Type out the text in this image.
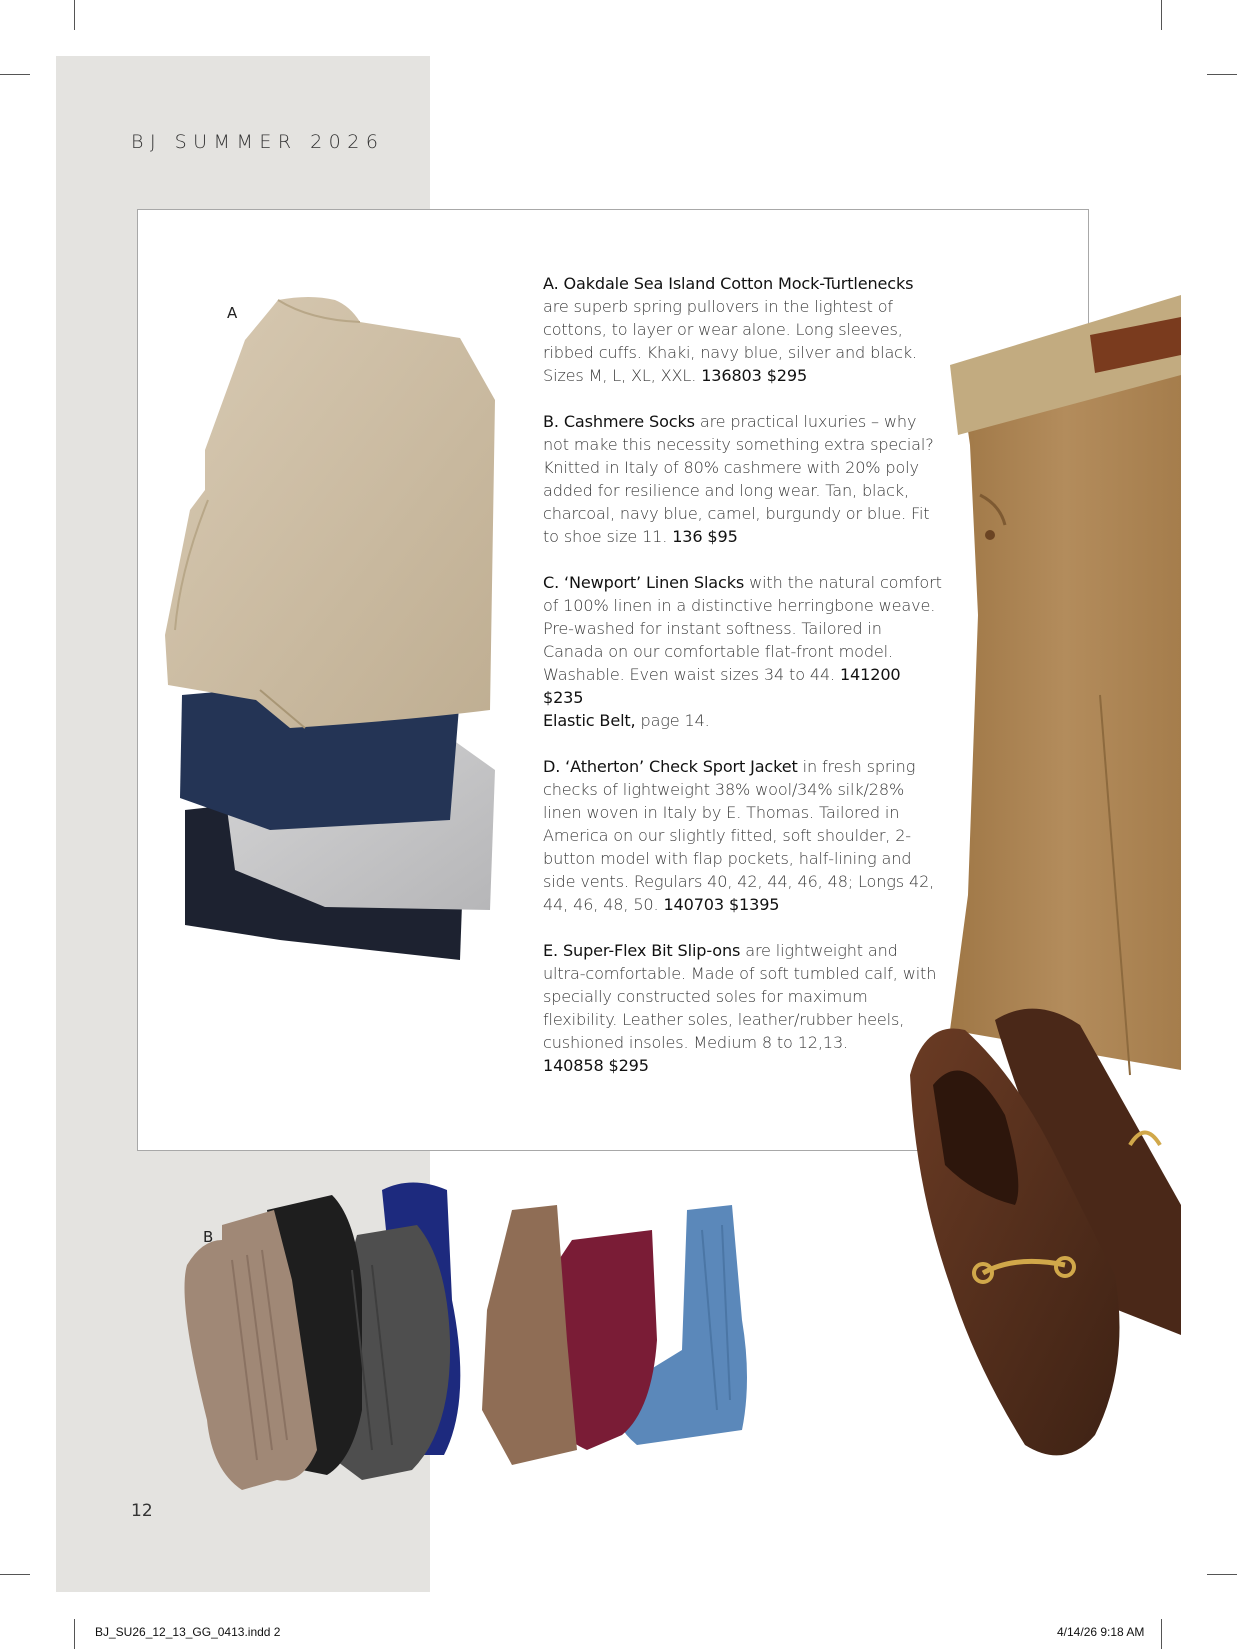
BJ SUMMER 2026
A
B

A. Oakdale Sea Island Cotton Mock-Turtlenecks are superb spring pullovers in the lightest of cottons, to layer or wear alone. Long sleeves, ribbed cuffs. Khaki, navy blue, silver and black. Sizes M, L, XL, XXL. 136803 $295

B. Cashmere Socks are practical luxuries – why not make this necessity something extra special? Knitted in Italy of 80% cashmere with 20% poly added for resilience and long wear. Tan, black, charcoal, navy blue, camel, burgundy or blue. Fit to shoe size 11. 136 $95

C. ‘Newport’ Linen Slacks with the natural comfort of 100% linen in a distinctive herringbone weave. Pre-washed for instant softness. Tailored in Canada on our comfortable flat-front model. Washable. Even waist sizes 34 to 44. 141200 $235
Elastic Belt, page 14.

D. ‘Atherton’ Check Sport Jacket in fresh spring checks of lightweight 38% wool/34% silk/28% linen woven in Italy by E. Thomas. Tailored in America on our slightly fitted, soft shoulder, 2-button model with flap pockets, half-lining and side vents. Regulars 40, 42, 44, 46, 48; Longs 42, 44, 46, 48, 50. 140703 $1395

E. Super-Flex Bit Slip-ons are lightweight and ultra-comfortable. Made of soft tumbled calf, with specially constructed soles for maximum flexibility. Leather soles, leather/rubber heels, cushioned insoles. Medium 8 to 12,13.
140858 $295

12
BJ_SU26_12_13_GG_0413.indd 2	4/14/26 9:18 AM
